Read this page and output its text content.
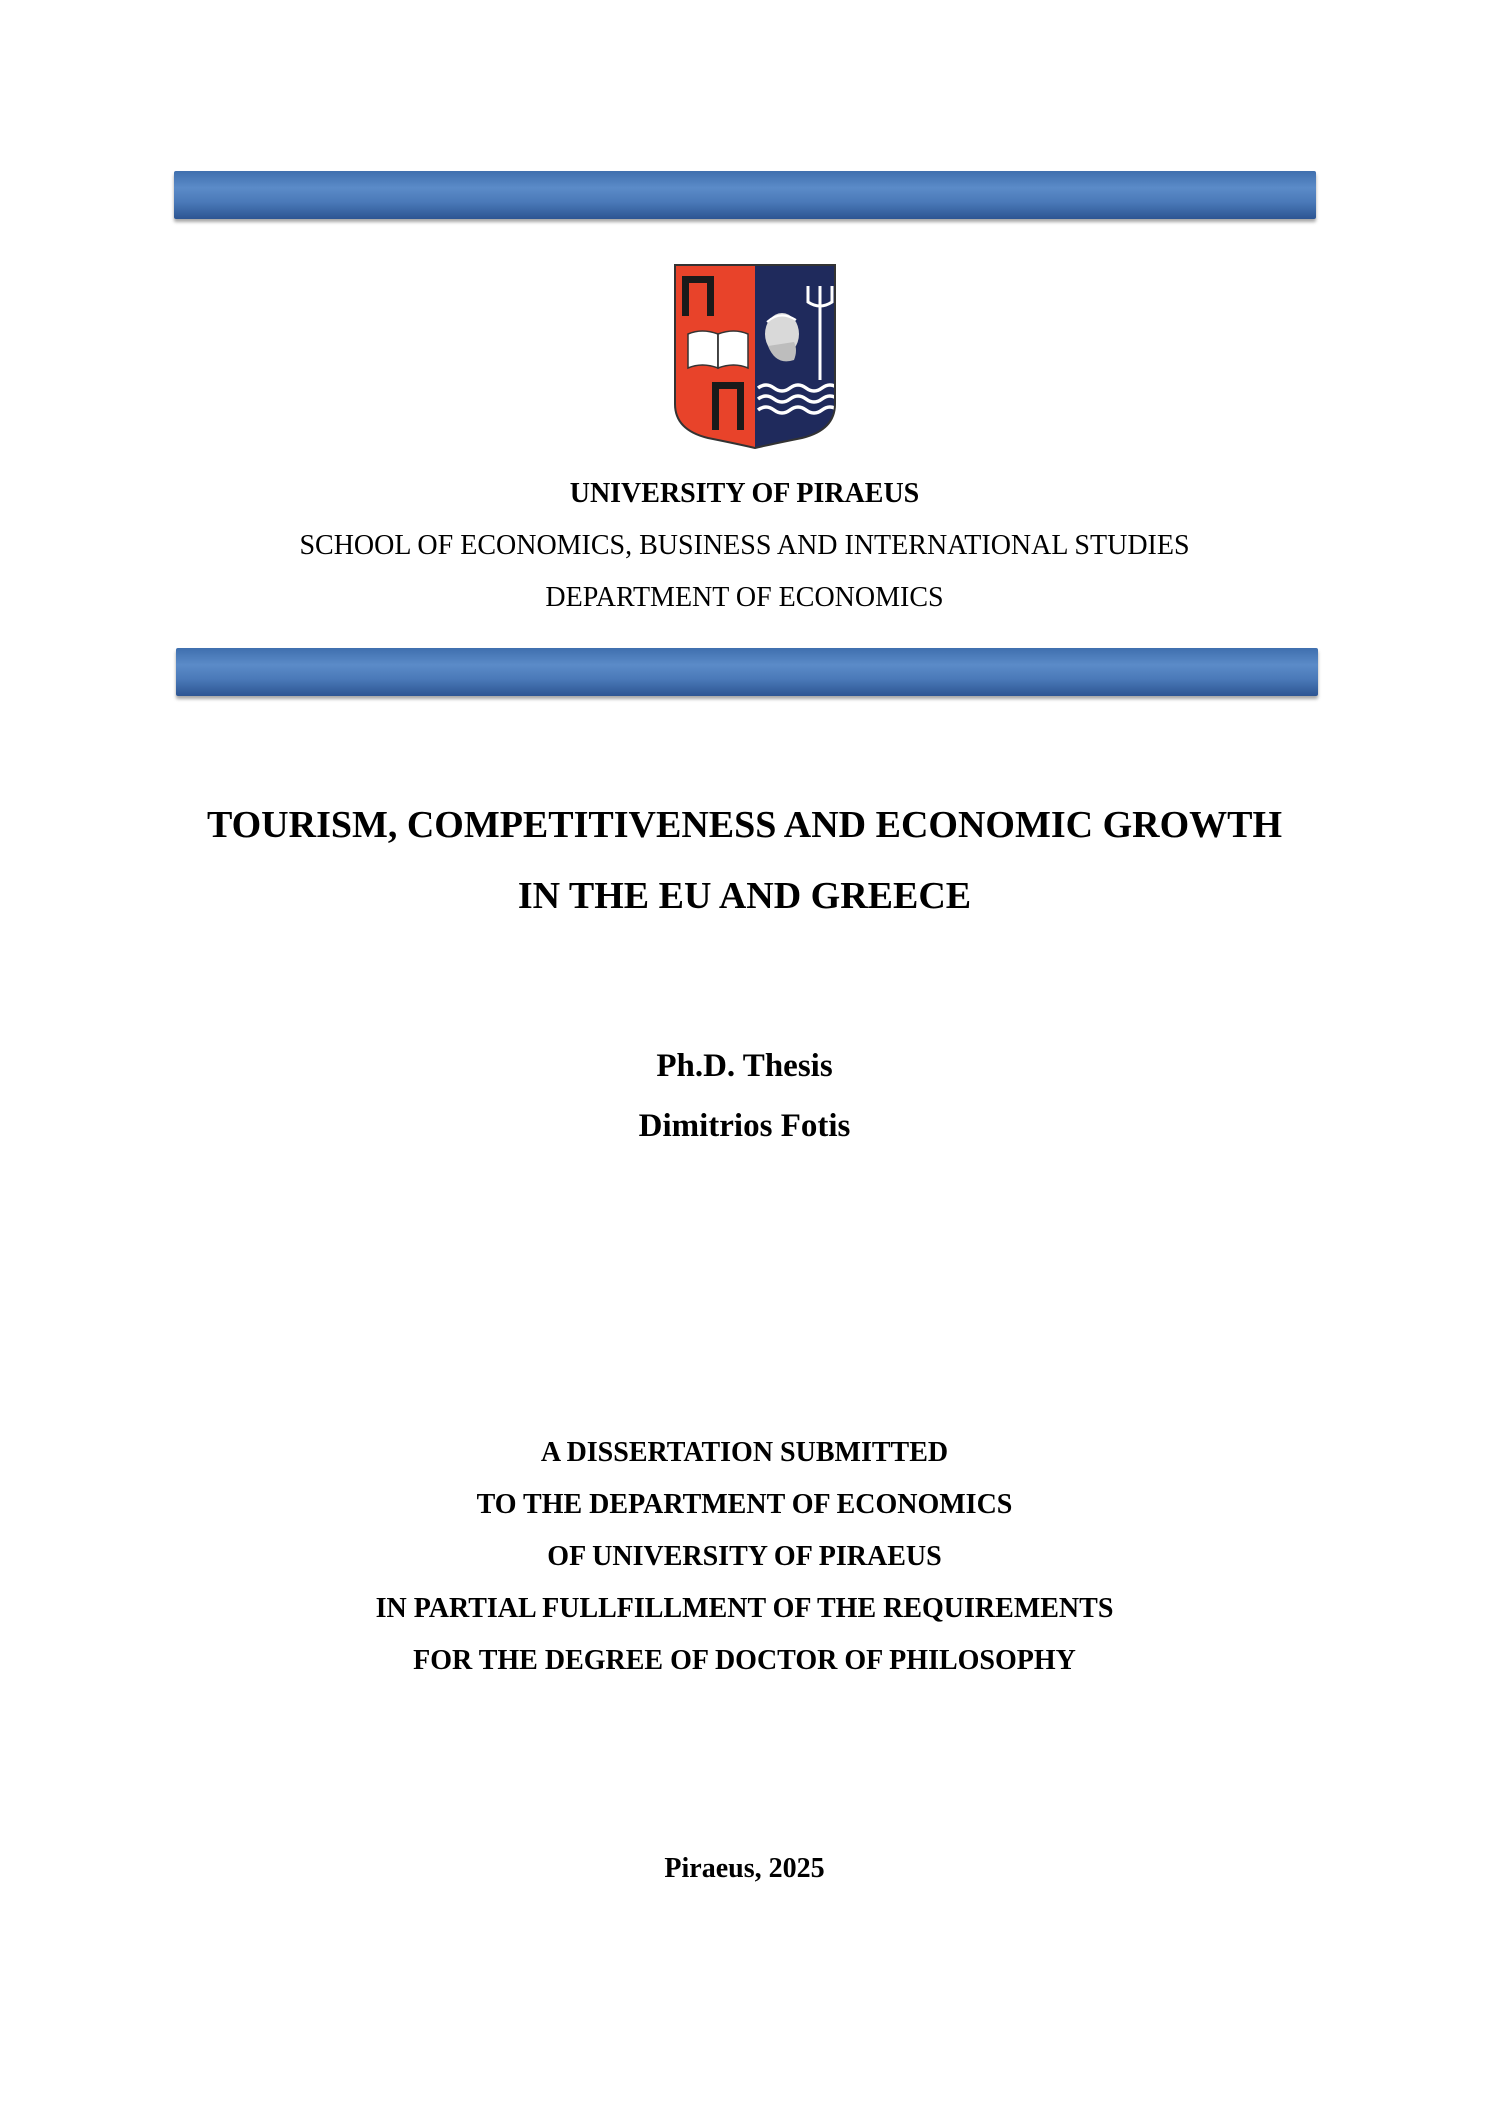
UNIVERSITY OF PIRAEUS
SCHOOL OF ECONOMICS, BUSINESS AND INTERNATIONAL STUDIES
DEPARTMENT OF ECONOMICS
TOURISM, COMPETITIVENESS AND ECONOMIC GROWTH
IN THE EU AND GREECE
Ph.D. Thesis
Dimitrios Fotis
A DISSERTATION SUBMITTED
TO THE DEPARTMENT OF ECONOMICS
OF UNIVERSITY OF PIRAEUS
IN PARTIAL FULLFILLMENT OF THE REQUIREMENTS
FOR THE DEGREE OF DOCTOR OF PHILOSOPHY
Piraeus, 2025
